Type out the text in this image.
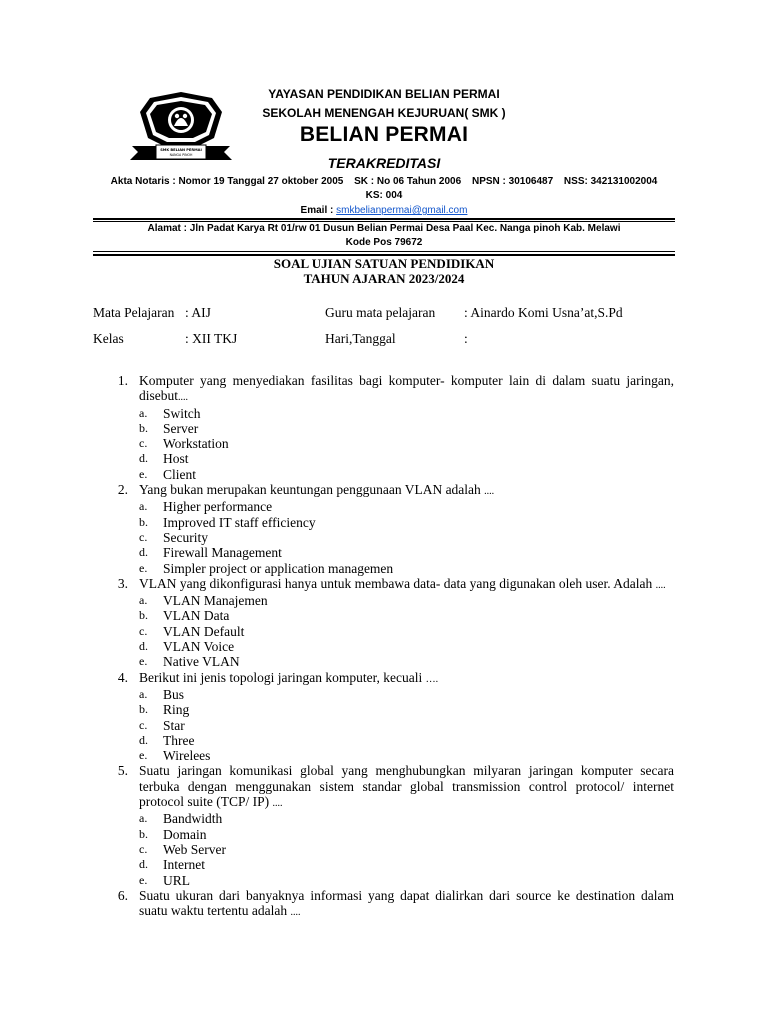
SMK BELIAN PERMAI
NANGA PINOH
YAYASAN PENDIDIKAN BELIAN PERMAI
SEKOLAH MENENGAH KEJURUAN( SMK )
BELIAN PERMAI
TERAKREDITASI
Akta Notaris : Nomor 19 Tanggal 27 oktober 2005 SK : No 06 Tahun 2006 NPSN : 30106487 NSS: 342131002004
KS: 004
Email : smkbelianpermai@gmail.com
Alamat : Jln Padat Karya Rt 01/rw 01 Dusun Belian Permai Desa Paal Kec. Nanga pinoh Kab. Melawi
Kode Pos 79672
SOAL UJIAN SATUAN PENDIDIKAN
TAHUN AJARAN 2023/2024
Mata Pelajaran : AIJ	Guru mata pelajaran : Ainardo Komi Usna’at,S.Pd
Kelas	: XII TKJ	Hari,Tanggal	:
1. Komputer yang menyediakan fasilitas bagi komputer- komputer lain di dalam suatu jaringan, disebut....
a. Switch
b. Server
c. Workstation
d. Host
e. Client
2. Yang bukan merupakan keuntungan penggunaan VLAN adalah ....
a. Higher performance
b. Improved IT staff efficiency
c. Security
d. Firewall Management
e. Simpler project or application managemen
3. VLAN yang dikonfigurasi hanya untuk membawa data- data yang digunakan oleh user. Adalah ....
a. VLAN Manajemen
b. VLAN Data
c. VLAN Default
d. VLAN Voice
e. Native VLAN
4. Berikut ini jenis topologi jaringan komputer, kecuali ….
a. Bus
b. Ring
c. Star
d. Three
e. Wirelees
5. Suatu jaringan komunikasi global yang menghubungkan milyaran jaringan komputer secara terbuka dengan menggunakan sistem standar global transmission control protocol/ internet protocol suite (TCP/ IP) ....
a. Bandwidth
b. Domain
c. Web Server
d. Internet
e. URL
6. Suatu ukuran dari banyaknya informasi yang dapat dialirkan dari source ke destination dalam suatu waktu tertentu adalah ....
